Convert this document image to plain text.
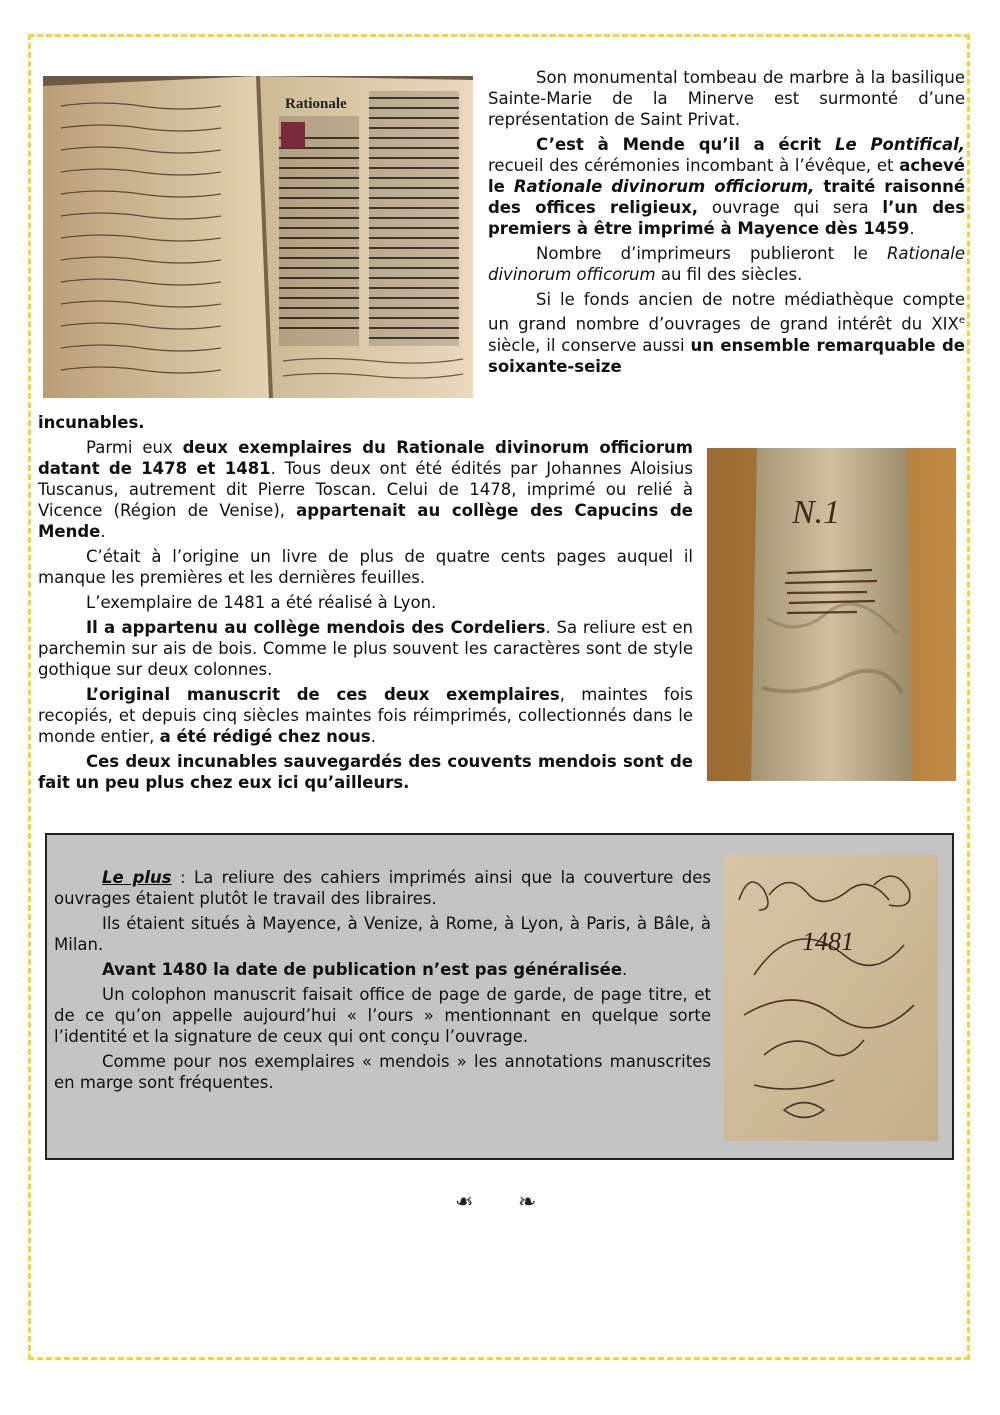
Rationale

Son monumental tombeau de marbre à la basilique Sainte-Marie de la Minerve est surmonté d’une représentation de Saint Privat.

C’est à Mende qu’il a écrit Le Pontifical, recueil des cérémonies incombant à l’évêque, et achevé le Rationale divinorum officiorum, traité raisonné des offices religieux, ouvrage qui sera l’un des premiers à être imprimé à Mayence dès 1459.

Nombre d’imprimeurs publieront le Rationale divinorum officorum au fil des siècles.

Si le fonds ancien de notre médiathèque compte un grand nombre d’ouvrages de grand intérêt du XIXe siècle, il conserve aussi un ensemble remarquable de soixante-seize

incunables.

Parmi eux deux exemplaires du Rationale divinorum officiorum datant de 1478 et 1481. Tous deux ont été édités par Johannes Aloisius Tuscanus, autrement dit Pierre Toscan. Celui de 1478, imprimé ou relié à Vicence (Région de Venise), appartenait au collège des Capucins de Mende.

C’était à l’origine un livre de plus de quatre cents pages auquel il manque les premières et les dernières feuilles.

L’exemplaire de 1481 a été réalisé à Lyon.

Il a appartenu au collège mendois des Cordeliers. Sa reliure est en parchemin sur ais de bois. Comme le plus souvent les caractères sont de style gothique sur deux colonnes.

L’original manuscrit de ces deux exemplaires, maintes fois recopiés, et depuis cinq siècles maintes fois réimprimés, collectionnés dans le monde entier, a été rédigé chez nous.

Ces deux incunables sauvegardés des couvents mendois sont de fait un peu plus chez eux ici qu’ailleurs.

N.1

Le plus : La reliure des cahiers imprimés ainsi que la couverture des ouvrages étaient plutôt le travail des libraires.

Ils étaient situés à Mayence, à Venize, à Rome, à Lyon, à Paris, à Bâle, à Milan.

Avant 1480 la date de publication n’est pas généralisée.

Un colophon manuscrit faisait office de page de garde, de page titre, et de ce qu’on appelle aujourd’hui « l’ours » mentionnant en quelque sorte l’identité et la signature de ceux qui ont conçu l’ouvrage.

Comme pour nos exemplaires « mendois » les annotations manuscrites en marge sont fréquentes.

1481
❧ ❧
